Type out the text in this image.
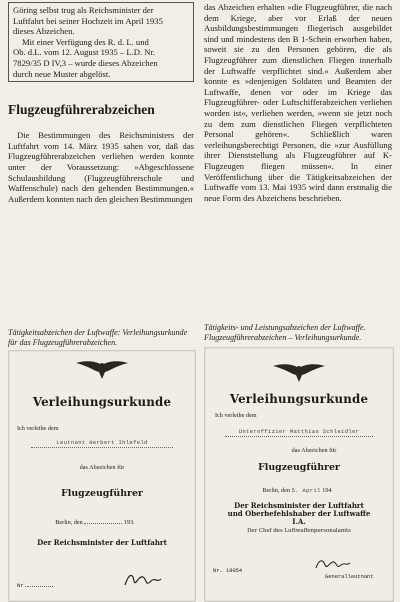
Göring selbst trug als Reichsminister der

Luftfahrt bei seiner Hochzeit im April 1935

dieses Abzeichen.

Mit einer Verfügung des R. d. L. und

Ob. d.L. vom 12. August 1935 – L.D. Nr.

7829/35 D IV,3 – wurde dieses Abzeichen

durch neue Muster abgelöst.

Flugzeugführerabzeichen

Die Bestimmungen des Reichsministers der Luftfahrt vom 14. März 1935 sahen vor, daß das Flugzeugführerabzeichen verliehen werden konnte unter der Voraussetzung: »Abgeschlossene Schulausbildung (Flugzeugführerschule und Waffenschule) nach den geltenden Bestimmungen.« Außerdem konnten nach den gleichen Bestimmungen

das Abzeichen erhalten »die Flugzeugführer, die nach dem Kriege, aber vor Erlaß der neuen Ausbildungsbestimmungen fliegerisch ausgebildet sind und mindestens den B 1-Schein erworben haben, soweit sie zu den Personen gehören, die als Flugzeugführer zum dienstlichen Fliegen innerhalb der Luftwaffe verpflichtet sind.« Außerdem aber konnte es »denjenigen Soldaten und Beamten der Luftwaffe, denen vor oder im Kriege das Flugzeugführer- oder Luftschifferabzeichen verliehen worden ist«, verliehen werden, »wenn sie jetzt noch zu dem zum dienstlichen Fliegen verpflichteten Personal gehören«. Schließlich waren verleihungsberechtigt Personen, die »zur Ausfüllung ihrer Dienststellung als Flugzeugführer auf K-Flugzeugen fliegen müssen«. In einer Veröffentlichung über die Tätigkeitsabzeichen der Luftwaffe vom 13. Mai 1935 wird dann erstmalig die neue Form des Abzeichens beschrieben.

Tätigkeitsabzeichen der Luftwaffe: Verleihungsurkunde für das Flugzeugführerabzeichen.

Tätigkeits- und Leistungsabzeichen der Luftwaffe. Flugzeugführerabzeichen – Verleihungsurkunde.

Verleihungsurkunde
Ich verleihe dem
Leutnant Herbert Ihlefeld
das Abzeichen für
Flugzeugführer
Berlin, den	193.
Der Reichsminister der Luftfahrt
Nr.
Verleihungsurkunde
Ich verleihe dem
Unteroffizier Matthias Schleidler
das Abzeichen für
Flugzeugführer
Berlin, den 5. April 194
Der Reichsminister der Luftfahrt
und Oberbefehlshaber der Luftwaffe
I.A.
Der Chef des Luftwaffenpersonalamts
Nr. 19054
Generalleutnant
